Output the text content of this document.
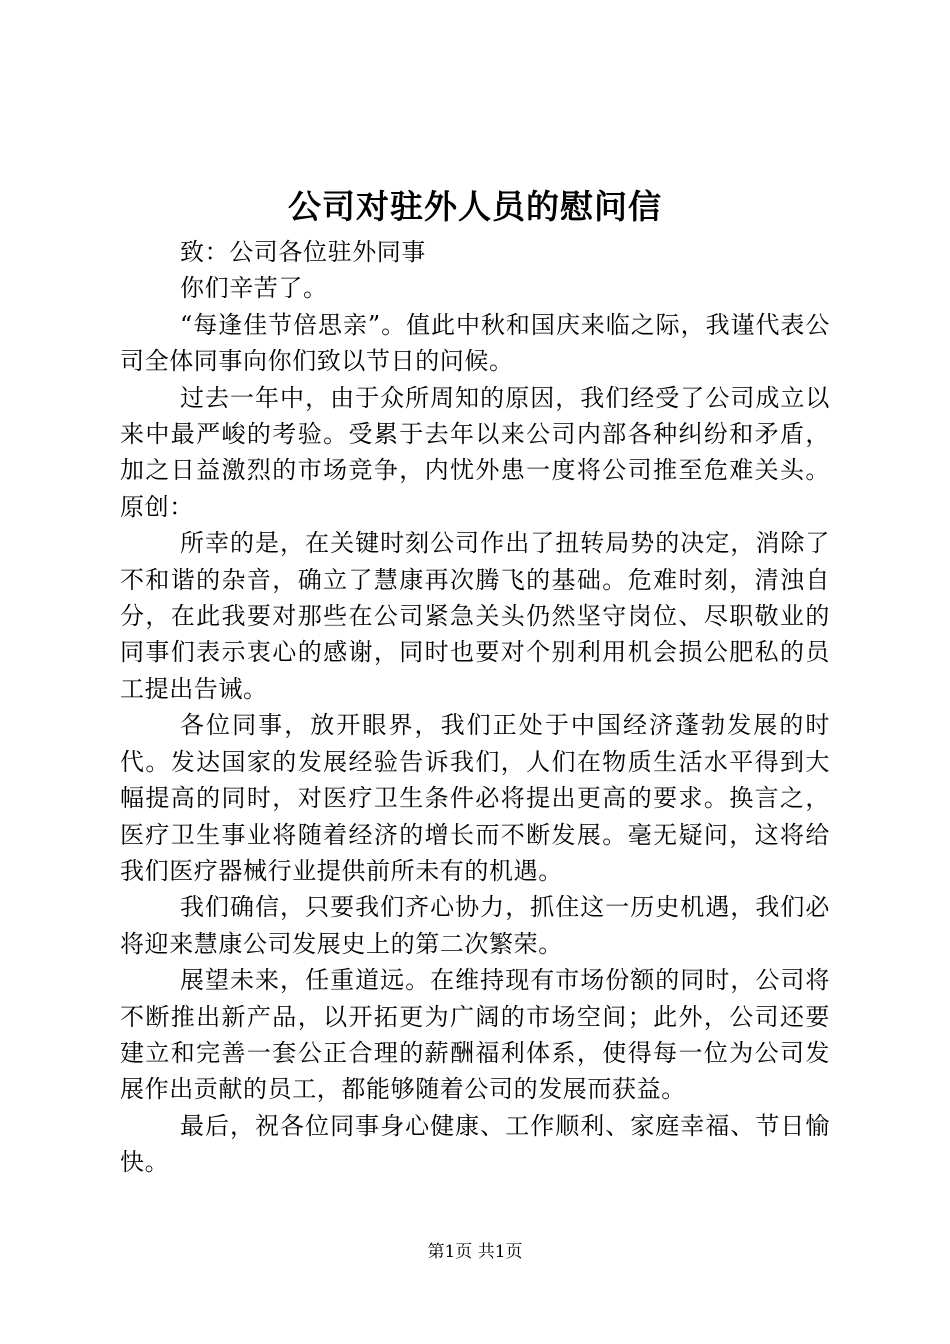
公司对驻外人员的慰问信

致：公司各位驻外同事

你们辛苦了。

“每逢佳节倍思亲”。值此中秋和国庆来临之际，我谨代表公司全体同事向你们致以节日的问候。

过去一年中，由于众所周知的原因，我们经受了公司成立以来中最严峻的考验。受累于去年以来公司内部各种纠纷和矛盾，加之日益激烈的市场竞争，内忧外患一度将公司推至危难关头。原创：

所幸的是，在关键时刻公司作出了扭转局势的决定，消除了不和谐的杂音，确立了慧康再次腾飞的基础。危难时刻，清浊自分，在此我要对那些在公司紧急关头仍然坚守岗位、尽职敬业的同事们表示衷心的感谢，同时也要对个别利用机会损公肥私的员工提出告诫。

各位同事，放开眼界，我们正处于中国经济蓬勃发展的时代。发达国家的发展经验告诉我们，人们在物质生活水平得到大幅提高的同时，对医疗卫生条件必将提出更高的要求。换言之，医疗卫生事业将随着经济的增长而不断发展。毫无疑问，这将给我们医疗器械行业提供前所未有的机遇。

我们确信，只要我们齐心协力，抓住这一历史机遇，我们必将迎来慧康公司发展史上的第二次繁荣。

展望未来，任重道远。在维持现有市场份额的同时，公司将不断推出新产品，以开拓更为广阔的市场空间；此外，公司还要建立和完善一套公正合理的薪酬福利体系，使得每一位为公司发展作出贡献的员工，都能够随着公司的发展而获益。

最后，祝各位同事身心健康、工作顺利、家庭幸福、节日愉快。

第1页 共1页
